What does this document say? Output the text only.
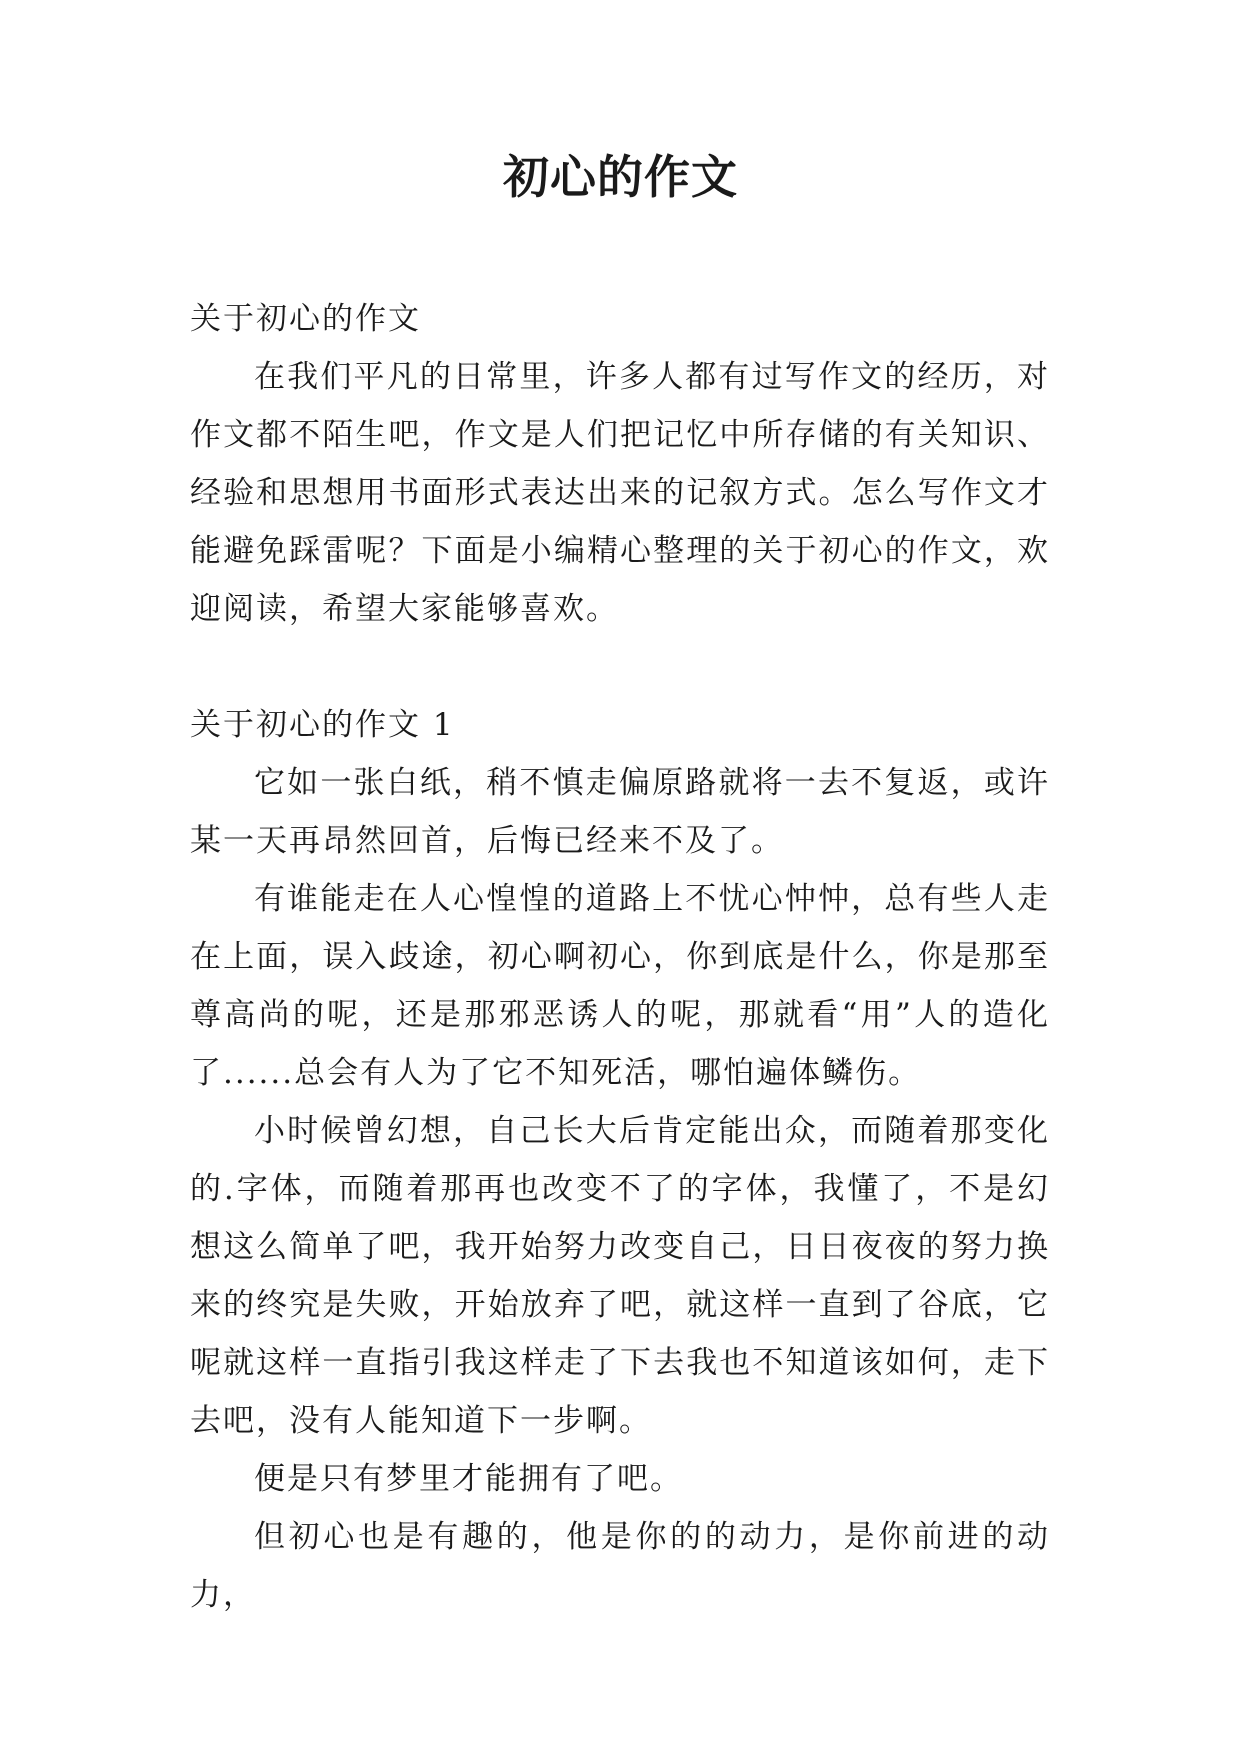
初心的作文

关于初心的作文

在我们平凡的日常里，许多人都有过写作文的经历，对作文都不陌生吧，作文是人们把记忆中所存储的有关知识、经验和思想用书面形式表达出来的记叙方式。怎么写作文才能避免踩雷呢？下面是小编精心整理的关于初心的作文，欢迎阅读，希望大家能够喜欢。

关于初心的作文 1

它如一张白纸，稍不慎走偏原路就将一去不复返，或许某一天再昂然回首，后悔已经来不及了。

有谁能走在人心惶惶的道路上不忧心忡忡，总有些人走在上面，误入歧途，初心啊初心，你到底是什么，你是那至尊高尚的呢，还是那邪恶诱人的呢，那就看“用”人的造化了......总会有人为了它不知死活，哪怕遍体鳞伤。

小时候曾幻想，自己长大后肯定能出众，而随着那变化的.字体，而随着那再也改变不了的字体，我懂了，不是幻想这么简单了吧，我开始努力改变自己，日日夜夜的努力换来的终究是失败，开始放弃了吧，就这样一直到了谷底，它呢就这样一直指引我这样走了下去我也不知道该如何，走下去吧，没有人能知道下一步啊。

便是只有梦里才能拥有了吧。

但初心也是有趣的，他是你的的动力，是你前进的动力，
